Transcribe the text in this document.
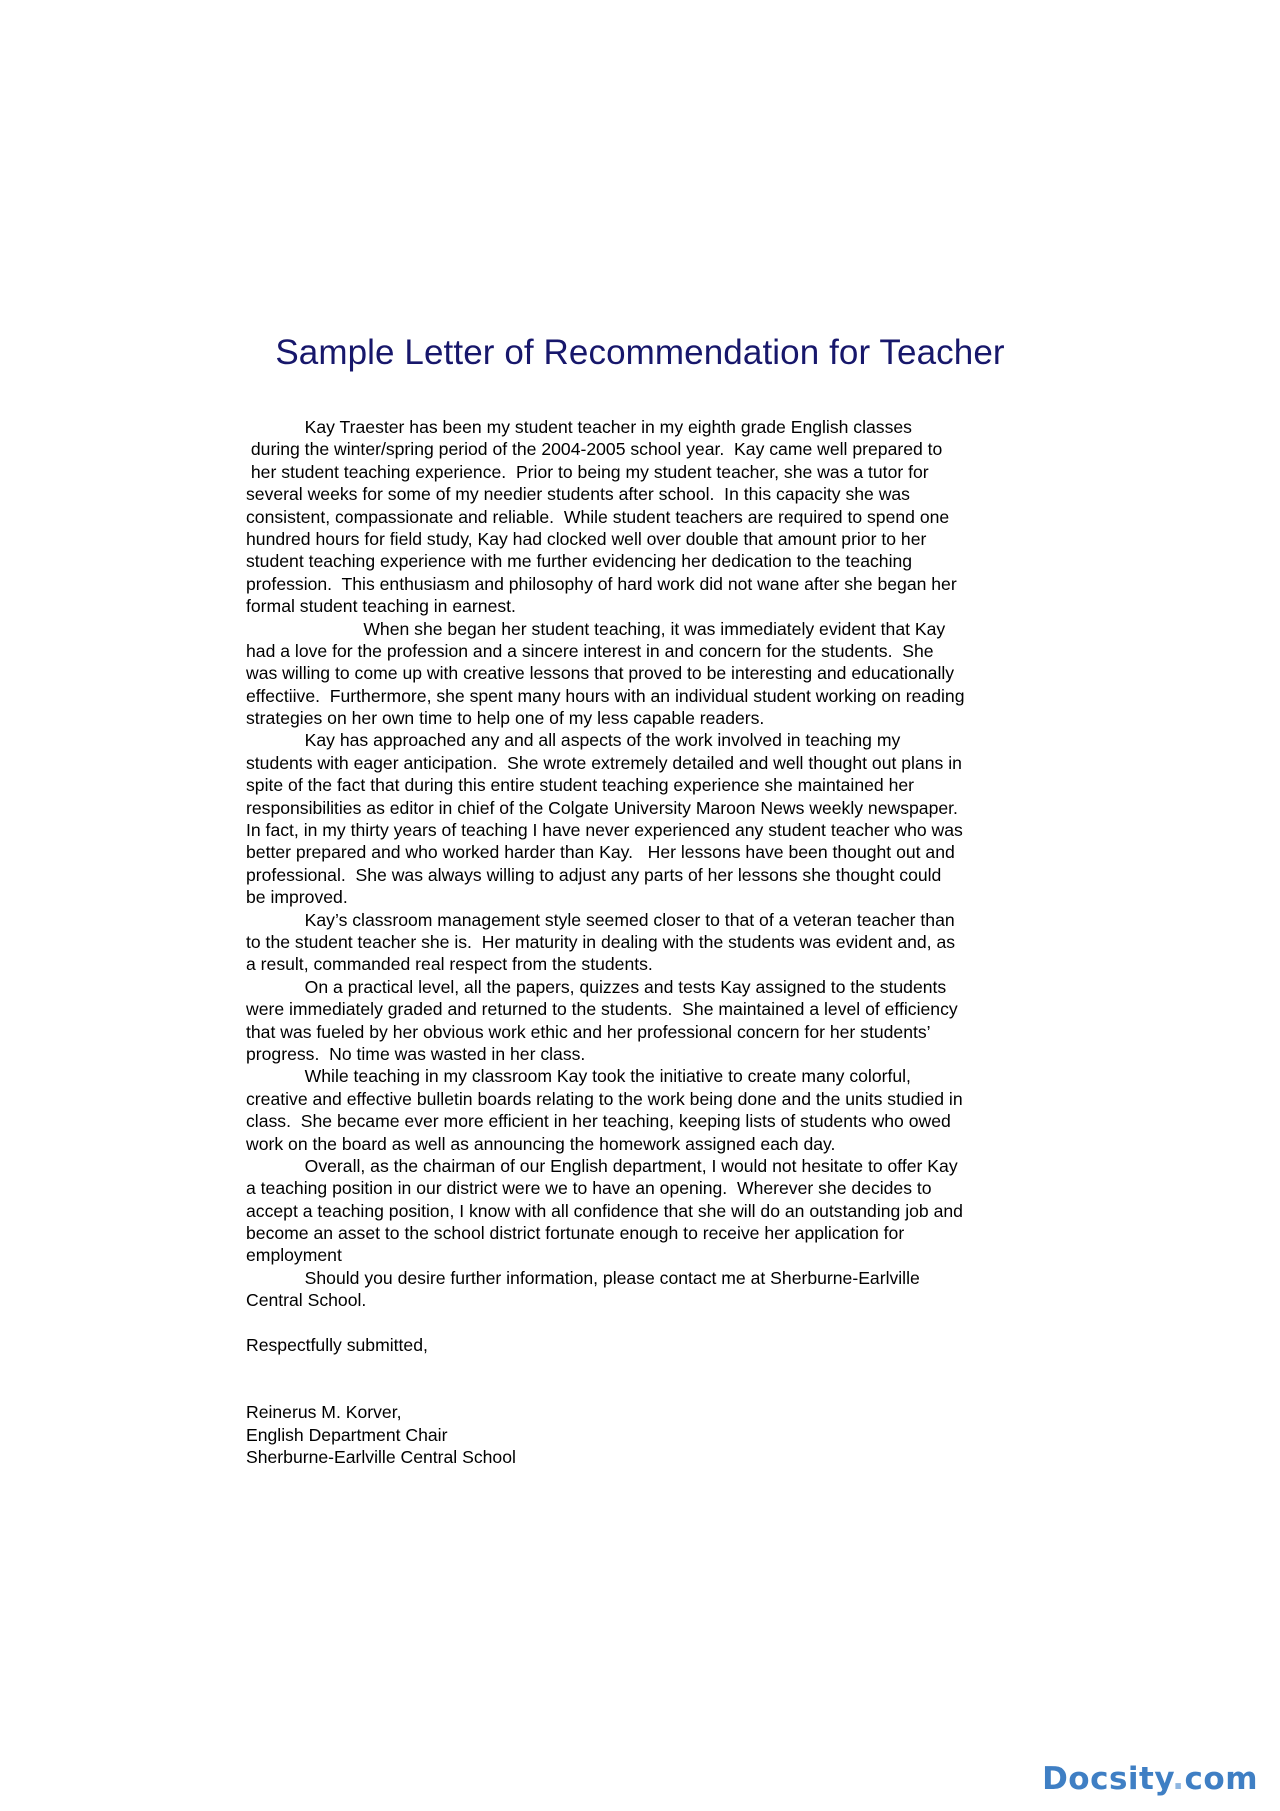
Sample Letter of Recommendation for Teacher
Kay Traester has been my student teacher in my eighth grade English classes
during the winter/spring period of the 2004-2005 school year.  Kay came well prepared to
her student teaching experience.  Prior to being my student teacher, she was a tutor for
several weeks for some of my needier students after school.  In this capacity she was
consistent, compassionate and reliable.  While student teachers are required to spend one
hundred hours for field study, Kay had clocked well over double that amount prior to her
student teaching experience with me further evidencing her dedication to the teaching
profession.  This enthusiasm and philosophy of hard work did not wane after she began her
formal student teaching in earnest.
When she began her student teaching, it was immediately evident that Kay
had a love for the profession and a sincere interest in and concern for the students.  She
was willing to come up with creative lessons that proved to be interesting and educationally
effectiive.  Furthermore, she spent many hours with an individual student working on reading
strategies on her own time to help one of my less capable readers.
Kay has approached any and all aspects of the work involved in teaching my
students with eager anticipation.  She wrote extremely detailed and well thought out plans in
spite of the fact that during this entire student teaching experience she maintained her
responsibilities as editor in chief of the Colgate University Maroon News weekly newspaper.
In fact, in my thirty years of teaching I have never experienced any student teacher who was
better prepared and who worked harder than Kay.   Her lessons have been thought out and
professional.  She was always willing to adjust any parts of her lessons she thought could
be improved.
Kay’s classroom management style seemed closer to that of a veteran teacher than
to the student teacher she is.  Her maturity in dealing with the students was evident and, as
a result, commanded real respect from the students.
On a practical level, all the papers, quizzes and tests Kay assigned to the students
were immediately graded and returned to the students.  She maintained a level of efficiency
that was fueled by her obvious work ethic and her professional concern for her students’
progress.  No time was wasted in her class.
While teaching in my classroom Kay took the initiative to create many colorful,
creative and effective bulletin boards relating to the work being done and the units studied in
class.  She became ever more efficient in her teaching, keeping lists of students who owed
work on the board as well as announcing the homework assigned each day.
Overall, as the chairman of our English department, I would not hesitate to offer Kay
a teaching position in our district were we to have an opening.  Wherever she decides to
accept a teaching position, I know with all confidence that she will do an outstanding job and
become an asset to the school district fortunate enough to receive her application for
employment
Should you desire further information, please contact me at Sherburne-Earlville
Central School.
Respectfully submitted,
Reinerus M. Korver,
English Department Chair
Sherburne-Earlville Central School
Docsity.com
